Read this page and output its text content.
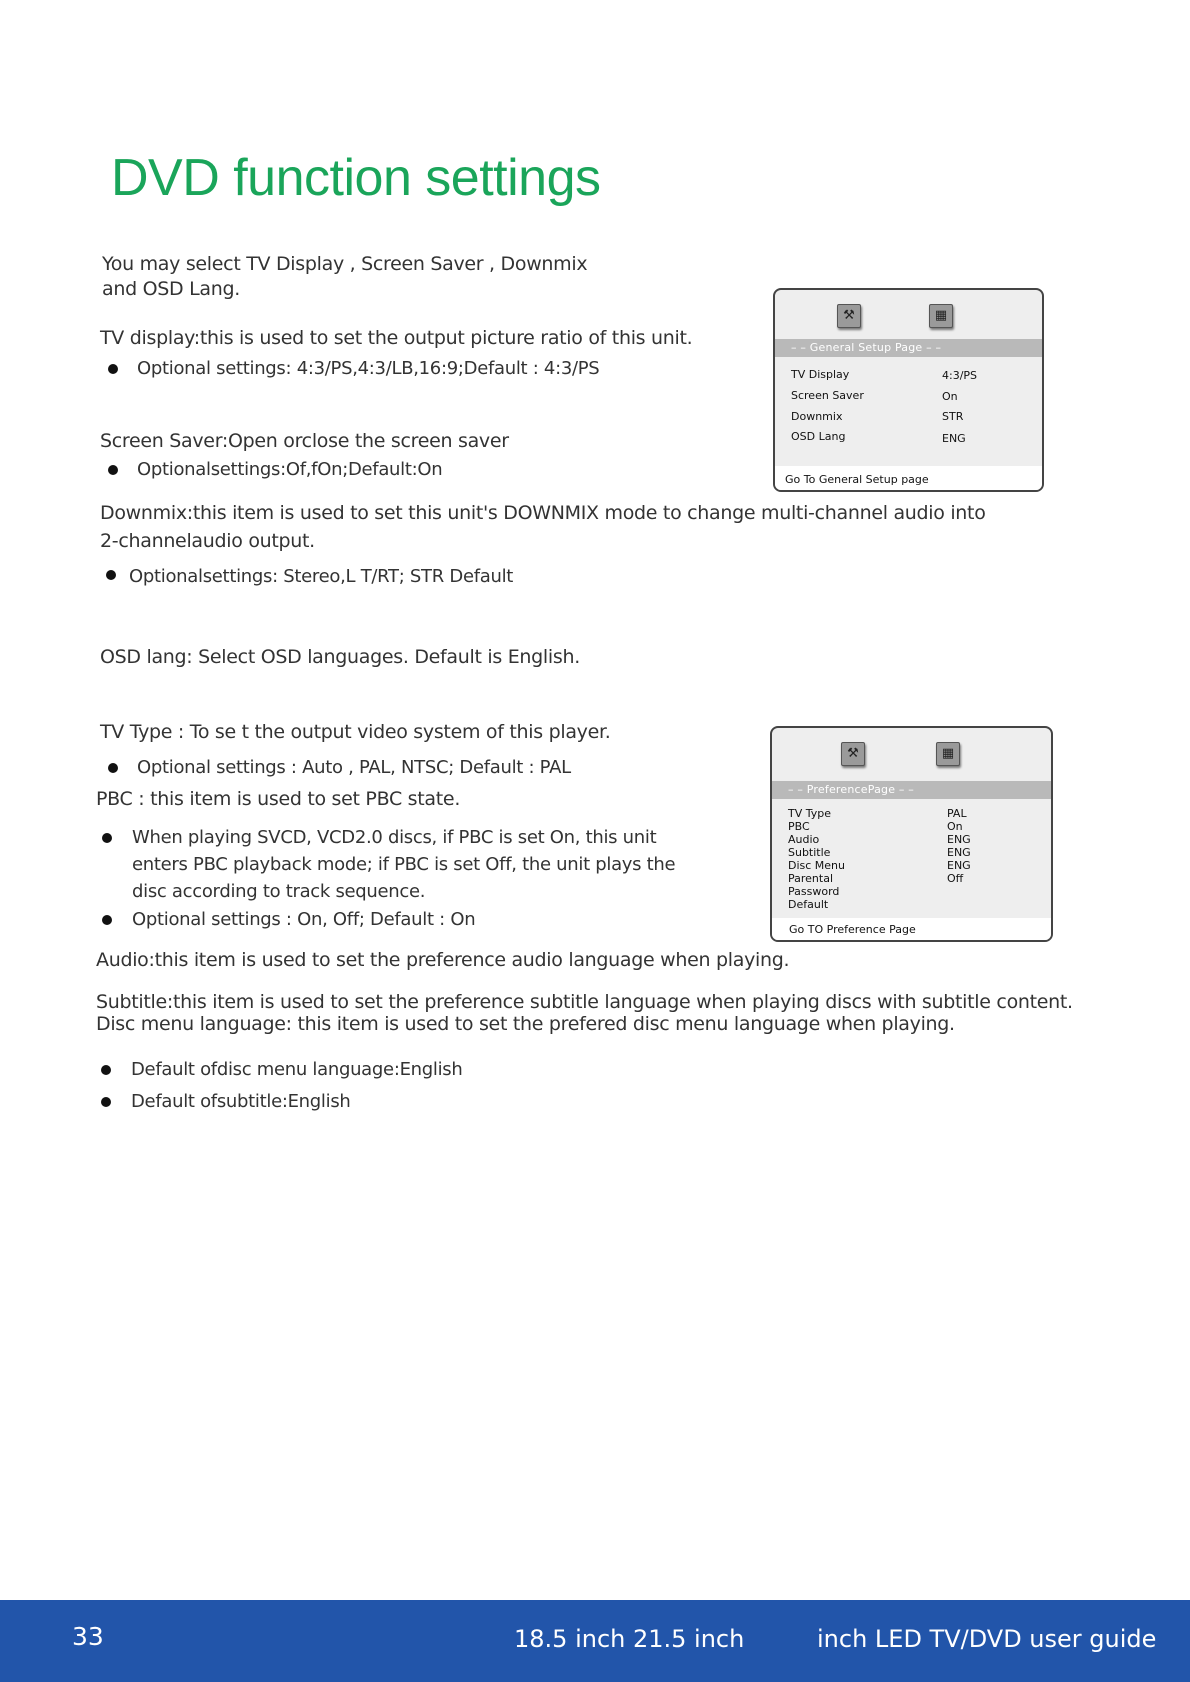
DVD function settings
You may select TV Display , Screen Saver , Downmix
and OSD Lang.
TV display:this is used to set the output picture ratio of this unit.
Optional settings: 4:3/PS,4:3/LB,16:9;Default : 4:3/PS
Screen Saver:Open orclose the screen saver
Optionalsettings:Of,fOn;Default:On
Downmix:this item is used to set this unit's DOWNMIX mode to change multi-channel audio into
2-channelaudio output.
Optionalsettings: Stereo,L T/RT; STR Default
OSD lang: Select OSD languages. Default is English.
TV Type : To se t the output video system of this player.
Optional settings : Auto , PAL, NTSC; Default : PAL
PBC : this item is used to set PBC state.
When playing SVCD, VCD2.0 discs, if PBC is set On, this unit
enters PBC playback mode; if PBC is set Off, the unit plays the
disc according to track sequence.
Optional settings : On, Off; Default : On
Audio:this item is used to set the preference audio language when playing.
Subtitle:this item is used to set the preference subtitle language when playing discs with subtitle content.
Disc menu language: this item is used to set the prefered disc menu language when playing.
Default ofdisc menu language:English
Default ofsubtitle:English
⚒	▦
– – General Setup Page – –
TV Display	4:3/PS
Screen Saver	On
Downmix	STR
OSD Lang	ENG
Go To General Setup page
⚒	▦
– – PreferencePage – –
TV Type	PAL
PBC	On
Audio	ENG
Subtitle	ENG
Disc Menu	ENG
Parental	Off
Password
Default
Go TO Preference Page
33	18.5 inch 21.5 inch	inch LED TV/DVD user guide
